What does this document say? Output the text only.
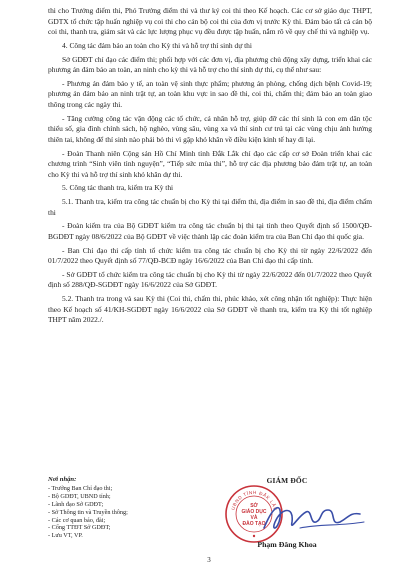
thi cho Trưởng điểm thi, Phó Trưởng điểm thi và thư ký coi thi theo Kế hoạch. Các cơ sở giáo dục THPT, GDTX tổ chức tập huấn nghiệp vụ coi thi cho cán bộ coi thi của đơn vị trước Kỳ thi. Đảm bảo tất cả cán bộ coi thi, thanh tra, giám sát và các lực lượng phục vụ đều được tập huấn, nắm rõ về quy chế thi và nghiệp vụ.

4. Công tác đảm bảo an toàn cho Kỳ thi và hỗ trợ thí sinh dự thi

Sở GDĐT chỉ đạo các điểm thi; phối hợp với các đơn vị, địa phương chủ động xây dựng, triển khai các phương án đảm bảo an toàn, an ninh cho kỳ thi và hỗ trợ cho thí sinh dự thi, cụ thể như sau:

- Phương án đảm bảo y tế, an toàn vệ sinh thực phẩm; phương án phòng, chống dịch bệnh Covid-19; phương án đảm bảo an ninh trật tự, an toàn khu vực in sao đề thi, coi thi, chấm thi; đảm bảo an toàn giao thông trong các ngày thi.

- Tăng cường công tác vận động các tổ chức, cá nhân hỗ trợ, giúp đỡ các thí sinh là con em dân tộc thiểu số, gia đình chính sách, hộ nghèo, vùng sâu, vùng xa và thí sinh cư trú tại các vùng chịu ảnh hưởng thiên tai, không để thí sinh nào phải bỏ thi vì gặp khó khăn về điều kiện kinh tế hay đi lại.

- Đoàn Thanh niên Cộng sản Hồ Chí Minh tỉnh Đắk Lắk chỉ đạo các cấp cơ sở Đoàn triển khai các chương trình “Sinh viên tình nguyện”, “Tiếp sức mùa thi”, hỗ trợ các địa phương bảo đảm trật tự, an toàn cho Kỳ thi và hỗ trợ thí sinh khó khăn dự thi.

5. Công tác thanh tra, kiểm tra Kỳ thi

5.1. Thanh tra, kiểm tra công tác chuẩn bị cho Kỳ thi tại điểm thi, địa điểm in sao đề thi, địa điểm chấm thi

- Đoàn kiểm tra của Bộ GDĐT kiểm tra công tác chuẩn bị thi tại tỉnh theo Quyết định số 1500/QĐ-BGDĐT ngày 08/6/2022 của Bộ GDĐT về việc thành lập các đoàn kiểm tra của Ban Chỉ đạo thi quốc gia.

- Ban Chỉ đạo thi cấp tỉnh tổ chức kiểm tra công tác chuẩn bị cho Kỳ thi từ ngày 22/6/2022 đến 01/7/2022 theo Quyết định số 77/QĐ-BCĐ ngày 16/6/2022 của Ban Chỉ đạo thi cấp tỉnh.

- Sở GDĐT tổ chức kiểm tra công tác chuẩn bị cho Kỳ thi từ ngày 22/6/2022 đến 01/7/2022 theo Quyết định số 288/QĐ-SGDĐT ngày 16/6/2022 của Sở GDĐT.

5.2. Thanh tra trong và sau Kỳ thi (Coi thi, chấm thi, phúc khảo, xét công nhận tốt nghiệp): Thực hiện theo Kế hoạch số 41/KH-SGDĐT ngày 16/6/2022 của Sở GDĐT về thanh tra, kiểm tra Kỳ thi tốt nghiệp THPT năm 2022./.

Nơi nhận:
- Trưởng Ban Chỉ đạo thi;
- Bộ GDĐT, UBND tỉnh;
- Lãnh đạo Sở GDĐT;
- Sở Thông tin và Truyền thông;
- Các cơ quan báo, đài;
- Cổng TTĐT Sở GDĐT;
- Lưu VT, VP.
GIÁM ĐỐC
UBND TỈNH ĐẮK LẮK
SỞ
GIÁO DỤC
VÀ
ĐÀO TẠO
Phạm Đăng Khoa
3
